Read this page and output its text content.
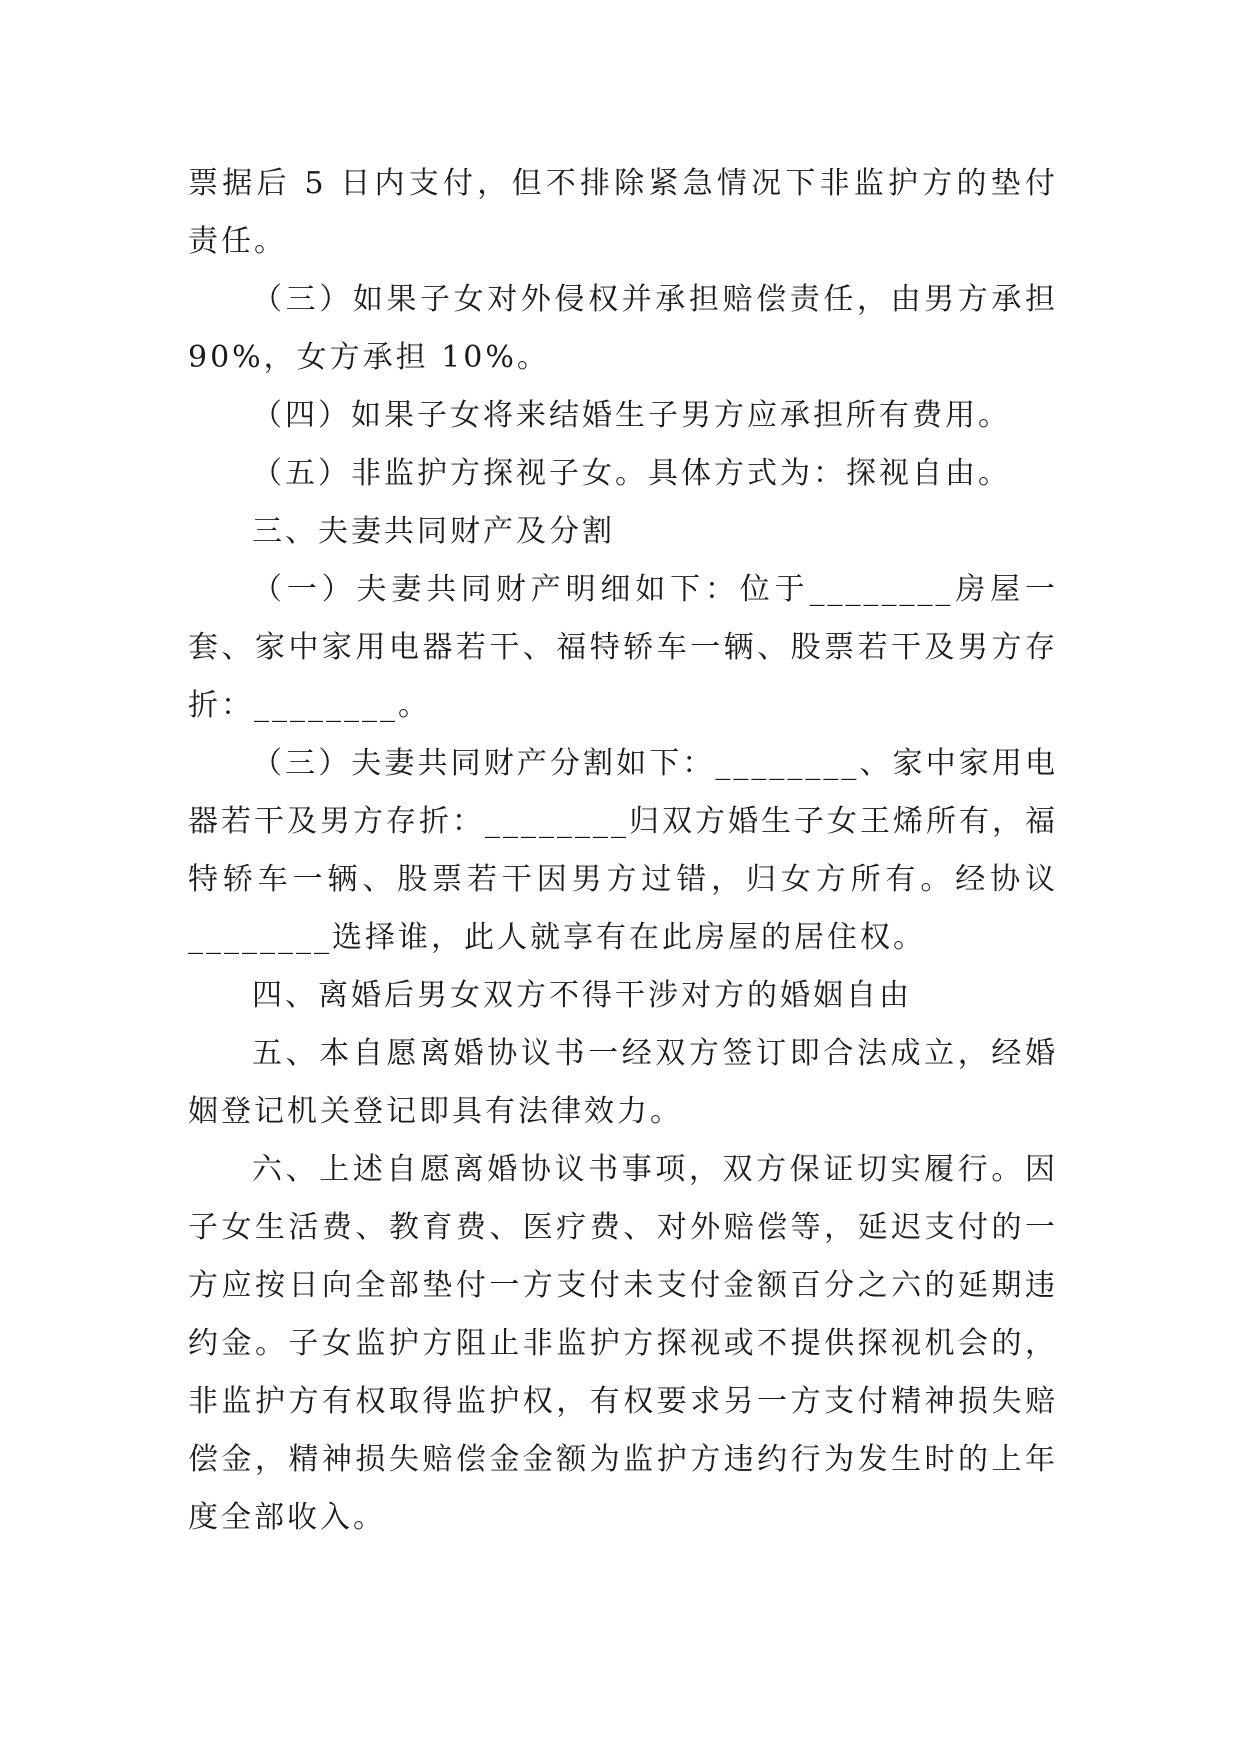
票据后 5 日内支付，但不排除紧急情况下非监护方的垫付责任。

（三）如果子女对外侵权并承担赔偿责任，由男方承担 90%，女方承担 10%。

（四）如果子女将来结婚生子男方应承担所有费用。

（五）非监护方探视子女。具体方式为：探视自由。

三、夫妻共同财产及分割

（一）夫妻共同财产明细如下：位于________房屋一套、家中家用电器若干、福特轿车一辆、股票若干及男方存折：________。

（三）夫妻共同财产分割如下：________、家中家用电器若干及男方存折：________归双方婚生子女王烯所有，福特轿车一辆、股票若干因男方过错，归女方所有。经协议________选择谁，此人就享有在此房屋的居住权。

四、离婚后男女双方不得干涉对方的婚姻自由

五、本自愿离婚协议书一经双方签订即合法成立，经婚姻登记机关登记即具有法律效力。

六、上述自愿离婚协议书事项，双方保证切实履行。因子女生活费、教育费、医疗费、对外赔偿等，延迟支付的一方应按日向全部垫付一方支付未支付金额百分之六的延期违约金。子女监护方阻止非监护方探视或不提供探视机会的，非监护方有权取得监护权，有权要求另一方支付精神损失赔偿金，精神损失赔偿金金额为监护方违约行为发生时的上年度全部收入。
